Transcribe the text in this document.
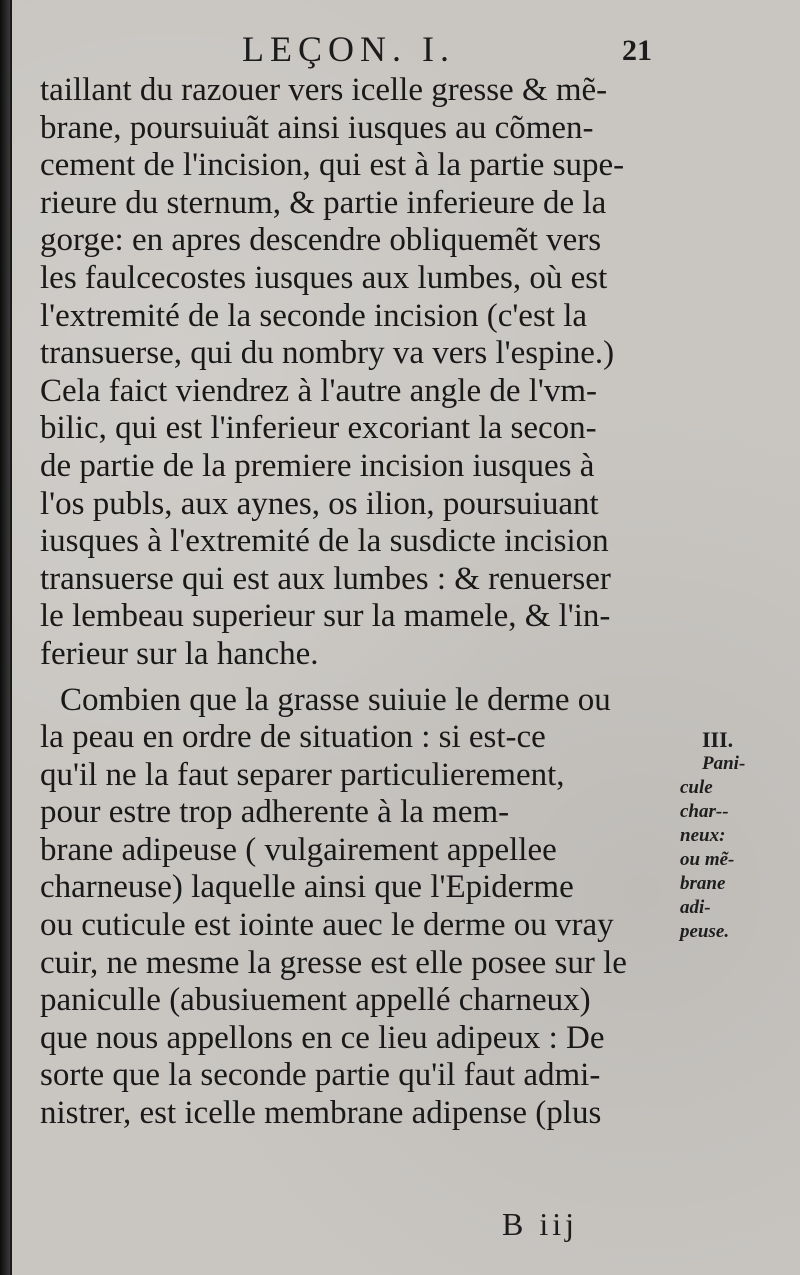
LEÇON. I.	21
taillant du razouer vers icelle gresse & mẽ-
brane, poursuiuãt ainsi iusques au cõmen-
cement de l'incision, qui est à la partie supe-
rieure du sternum, & partie inferieure de la
gorge: en apres descendre obliquemẽt vers
les faulcecostes iusques aux lumbes, où est
l'extremité de la seconde incision (c'est la
transuerse, qui du nombry va vers l'espine.)
Cela faict viendrez à l'autre angle de l'vm-
bilic, qui est l'inferieur excoriant la secon-
de partie de la premiere incision iusques à
l'os publs, aux aynes, os ilion, poursuiuant
iusques à l'extremité de la susdicte incision
transuerse qui est aux lumbes : & renuerser
le lembeau superieur sur la mamele, & l'in-
ferieur sur la hanche.
Combien que la grasse suiuie le derme ou
la peau en ordre de situation : si est-ce
qu'il ne la faut separer particulierement,
pour estre trop adherente à la mem-
brane adipeuse ( vulgairement appellee
charneuse) laquelle ainsi que l'Epiderme
ou cuticule est iointe auec le derme ou vray
cuir, ne mesme la gresse est elle posee sur le
paniculle (abusiuement appellé charneux)
que nous appellons en ce lieu adipeux : De
sorte que la seconde partie qu'il faut admi-
nistrer, est icelle membrane adipense (plus
III.
Pani-
cule
char--
neux:
ou mẽ-
brane
adi-
peuse.
B iij
